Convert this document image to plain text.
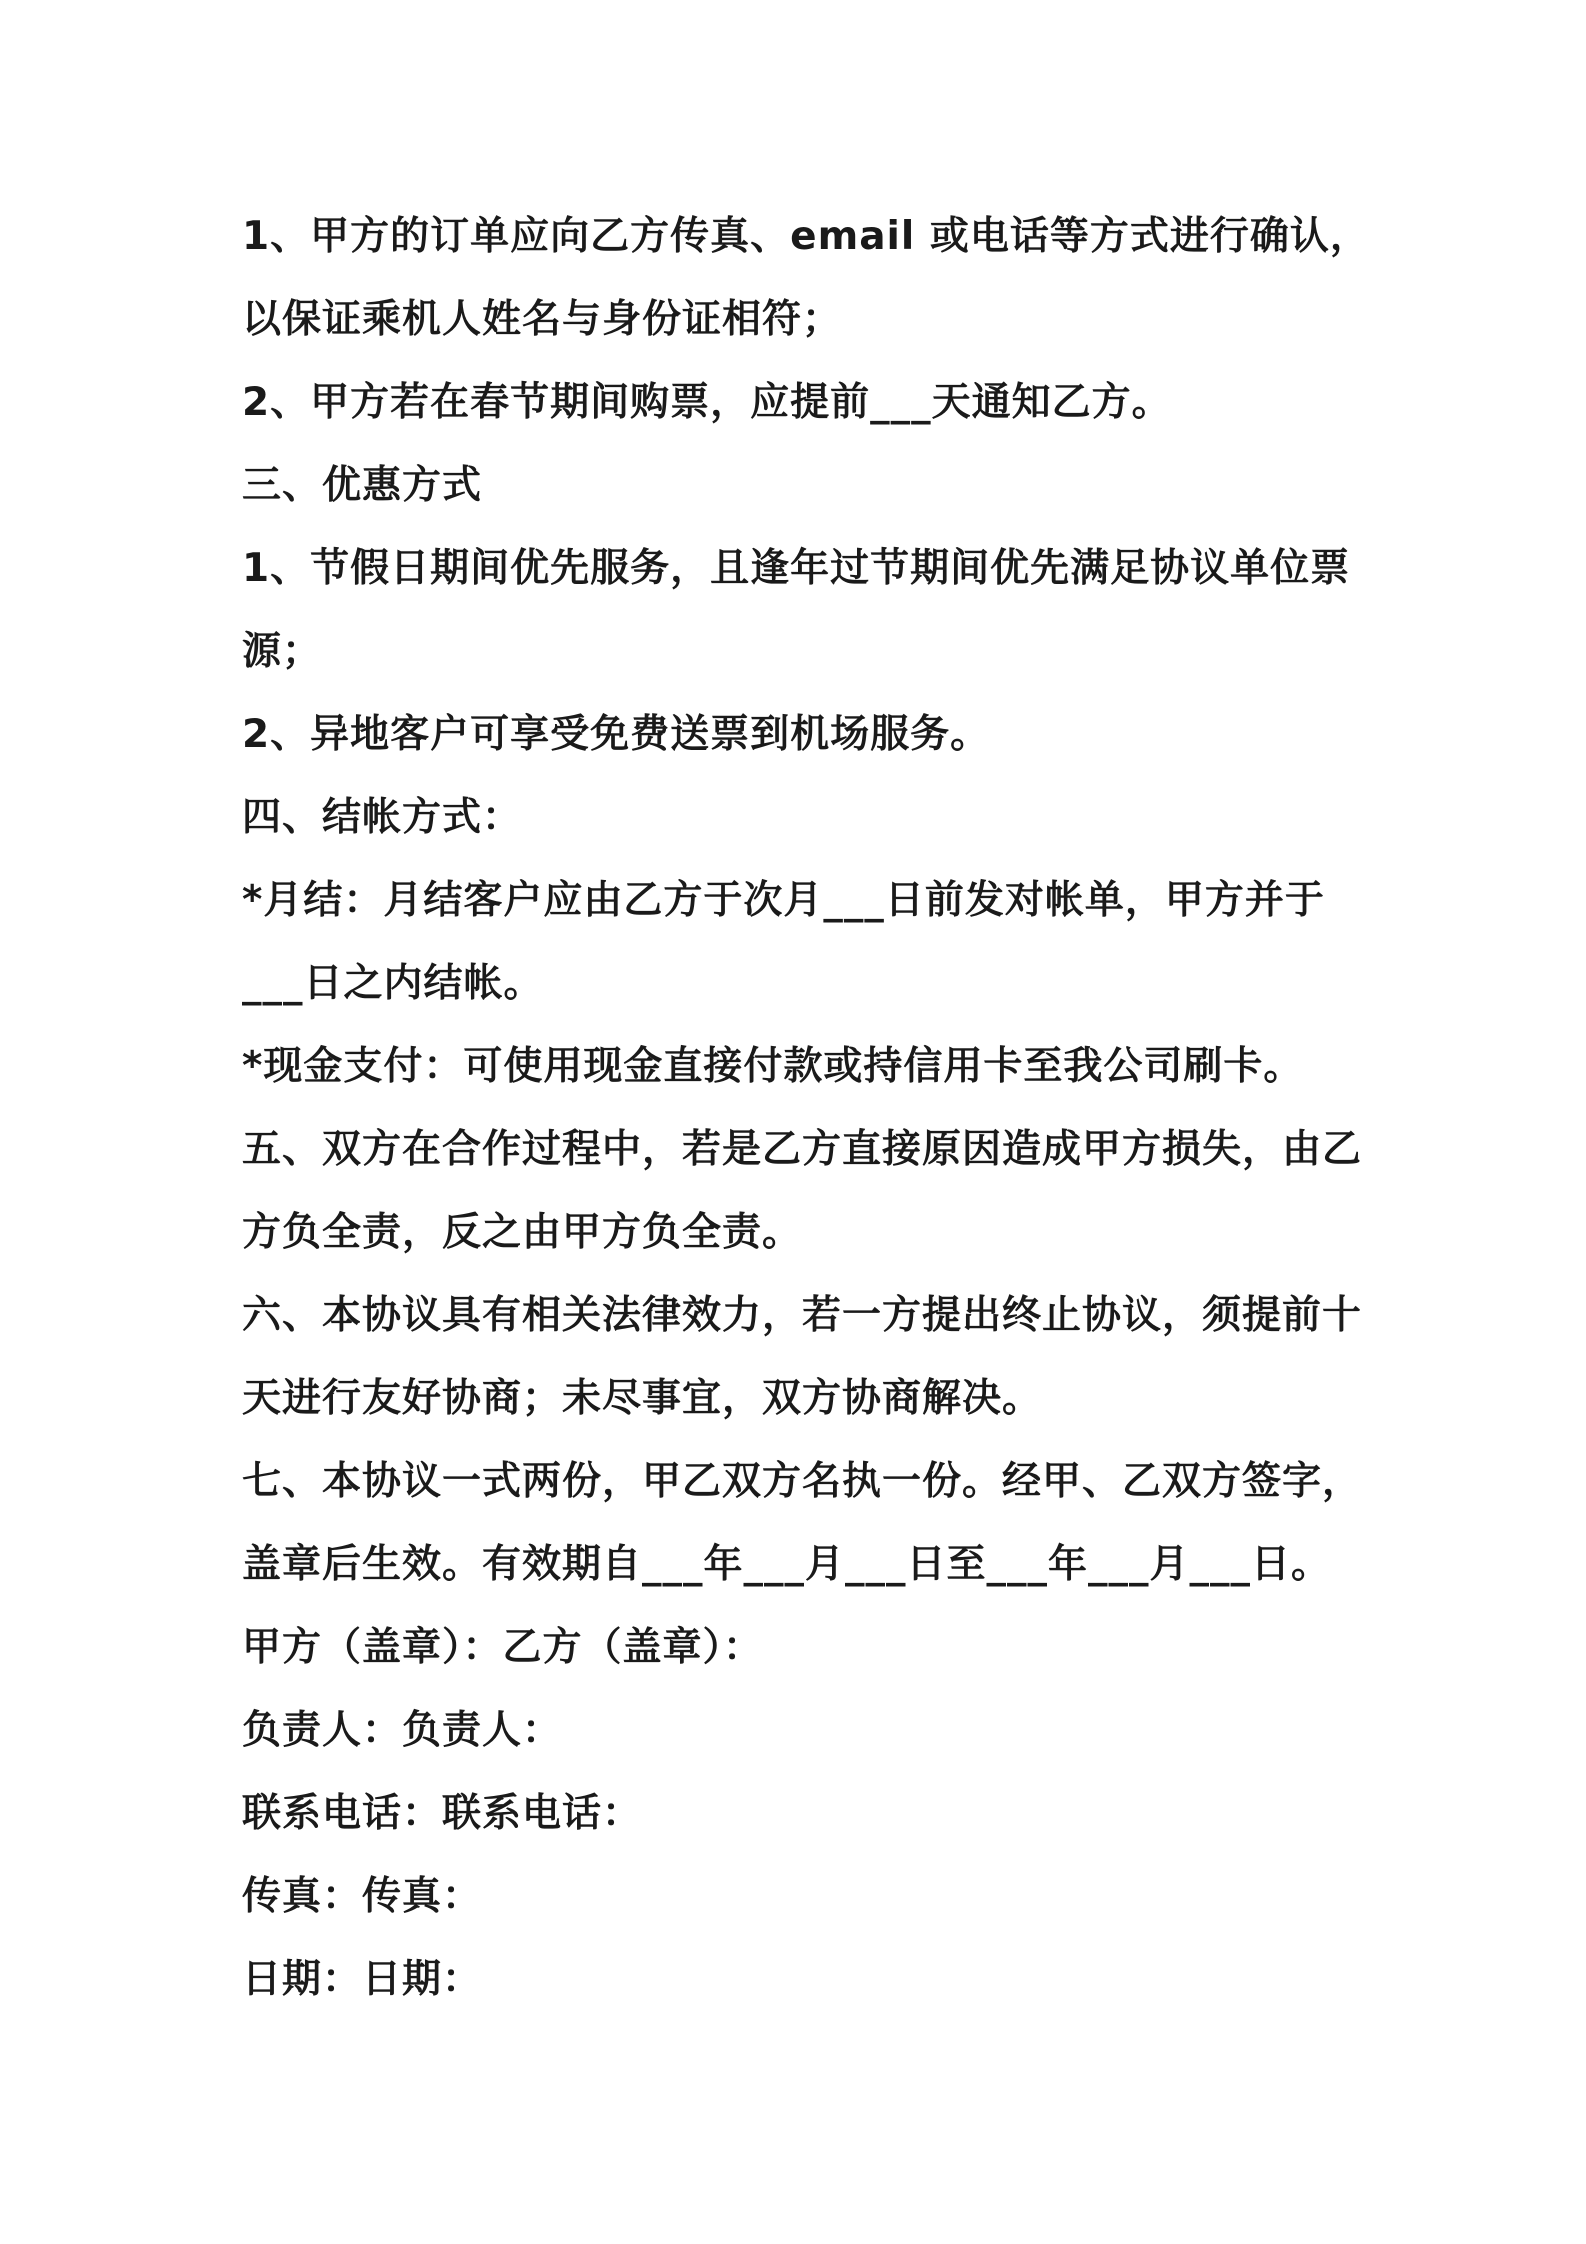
1、甲方的订单应向乙方传真、email 或电话等方式进行确认，

以保证乘机人姓名与身份证相符；

2、甲方若在春节期间购票，应提前___天通知乙方。

三、优惠方式

1、节假日期间优先服务，且逢年过节期间优先满足协议单位票

源；

2、异地客户可享受免费送票到机场服务。

四、结帐方式：

*月结：月结客户应由乙方于次月___日前发对帐单，甲方并于

___日之内结帐。

*现金支付：可使用现金直接付款或持信用卡至我公司刷卡。

五、双方在合作过程中，若是乙方直接原因造成甲方损失，由乙

方负全责，反之由甲方负全责。

六、本协议具有相关法律效力，若一方提出终止协议，须提前十

天进行友好协商；未尽事宜，双方协商解决。

七、本协议一式两份，甲乙双方名执一份。经甲、乙双方签字，

盖章后生效。有效期自___年___月___日至___年___月___日。

甲方（盖章）：乙方（盖章）：

负责人：负责人：

联系电话：联系电话：

传真：传真：

日期：日期：
